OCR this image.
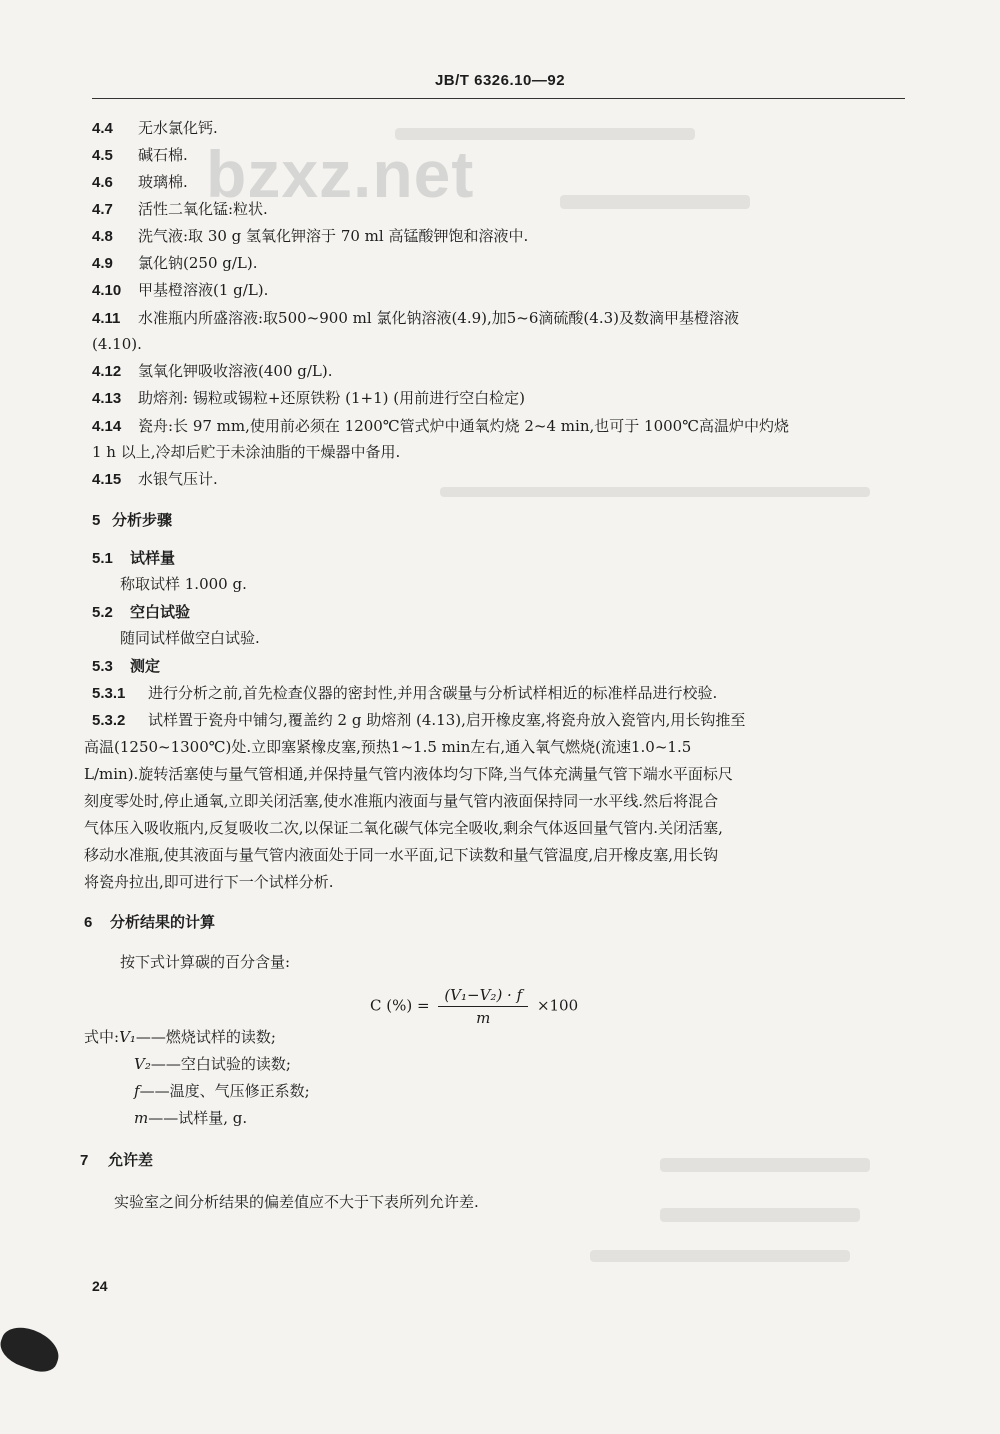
JB/T 6326.10—92
bzxz.net
4.4 无水氯化钙.
4.5 碱石棉.
4.6 玻璃棉.
4.7 活性二氧化锰:粒状.
4.8 洗气液:取 30 g 氢氧化钾溶于 70 ml 高锰酸钾饱和溶液中.
4.9 氯化钠(250 g/L).
4.10 甲基橙溶液(1 g/L).
4.11 水准瓶内所盛溶液:取500~900 ml 氯化钠溶液(4.9),加5~6滴硫酸(4.3)及数滴甲基橙溶液
(4.10).
4.12 氢氧化钾吸收溶液(400 g/L).
4.13 助熔剂: 锡粒或锡粒+还原铁粉 (1+1) (用前进行空白检定)
4.14 瓷舟:长 97 mm,使用前必须在 1200℃管式炉中通氧灼烧 2~4 min,也可于 1000℃高温炉中灼烧
1 h 以上,冷却后贮于未涂油脂的干燥器中备用.
4.15 水银气压计.
5 分析步骤
5.1 试样量
称取试样 1.000 g.
5.2 空白试验
随同试样做空白试验.
5.3 测定
5.3.1 进行分析之前,首先检查仪器的密封性,并用含碳量与分析试样相近的标准样品进行校验.
5.3.2 试样置于瓷舟中铺匀,覆盖约 2 g 助熔剂 (4.13),启开橡皮塞,将瓷舟放入瓷管内,用长钩推至
高温(1250~1300℃)处.立即塞紧橡皮塞,预热1~1.5 min左右,通入氧气燃烧(流速1.0~1.5
L/min).旋转活塞使与量气管相通,并保持量气管内液体均匀下降,当气体充满量气管下端水平面标尺
刻度零处时,停止通氧,立即关闭活塞,使水准瓶内液面与量气管内液面保持同一水平线.然后将混合
气体压入吸收瓶内,反复吸收二次,以保证二氧化碳气体完全吸收,剩余气体返回量气管内.关闭活塞,
移动水准瓶,使其液面与量气管内液面处于同一水平面,记下读数和量气管温度,启开橡皮塞,用长钩
将瓷舟拉出,即可进行下一个试样分析.
6 分析结果的计算
按下式计算碳的百分含量:
C (%) = $\frac{\text{(V₁−V₂) · f}}{m} \times 100$
式中:V₁——燃烧试样的读数;
V₂——空白试验的读数;
f——温度、气压修正系数;
m——试样量, g.
7 允许差
实验室之间分析结果的偏差值应不大于下表所列允许差.
24
